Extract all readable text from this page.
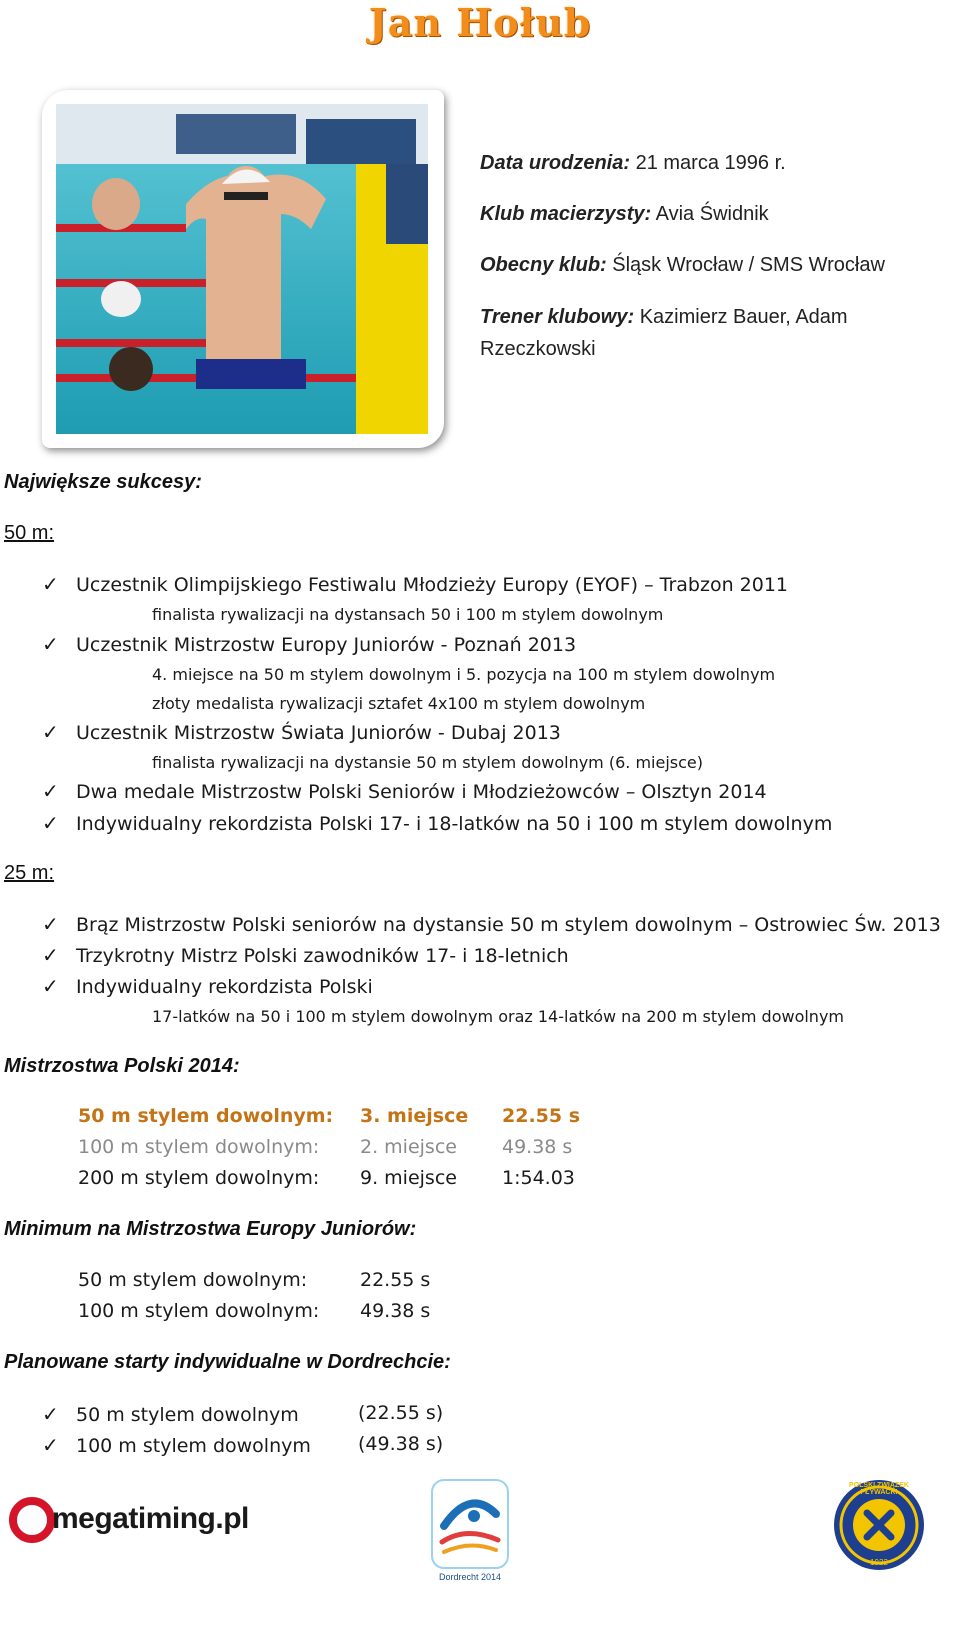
Jan Hołub
Data urodzenia: 21 marca 1996 r.
Klub macierzysty: Avia Świdnik
Obecny klub: Śląsk Wrocław / SMS Wrocław
Trener klubowy: Kazimierz Bauer, Adam
Rzeczkowski
Największe sukcesy:
50 m:
✓ Uczestnik Olimpijskiego Festiwalu Młodzieży Europy (EYOF) – Trabzon 2011
finalista rywalizacji na dystansach 50 i 100 m stylem dowolnym
✓ Uczestnik Mistrzostw Europy Juniorów - Poznań 2013
4. miejsce na 50 m stylem dowolnym i 5. pozycja na 100 m stylem dowolnym
złoty medalista rywalizacji sztafet 4x100 m stylem dowolnym
✓ Uczestnik Mistrzostw Świata Juniorów - Dubaj 2013
finalista rywalizacji na dystansie 50 m stylem dowolnym (6. miejsce)
✓ Dwa medale Mistrzostw Polski Seniorów i Młodzieżowców – Olsztyn 2014
✓ Indywidualny rekordzista Polski 17- i 18-latków na 50 i 100 m stylem dowolnym
25 m:
✓ Brąz Mistrzostw Polski seniorów na dystansie 50 m stylem dowolnym – Ostrowiec Św. 2013
✓ Trzykrotny Mistrz Polski zawodników 17- i 18-letnich
✓ Indywidualny rekordzista Polski
17-latków na 50 i 100 m stylem dowolnym oraz 14-latków na 200 m stylem dowolnym
Mistrzostwa Polski 2014:
50 m stylem dowolnym: 3. miejsce 22.55 s
100 m stylem dowolnym: 2. miejsce 49.38 s
200 m stylem dowolnym: 9. miejsce 1:54.03
Minimum na Mistrzostwa Europy Juniorów:
50 m stylem dowolnym:	22.55 s
100 m stylem dowolnym: 49.38 s
Planowane starty indywidualne w Dordrechcie:
✓ 50 m stylem dowolnym	(22.55 s)
✓ 100 m stylem dowolnym (49.38 s)
megatiming.pl
Dordrecht 2014
POLSKI ZWIĄZEK PŁYWACKI
1922
